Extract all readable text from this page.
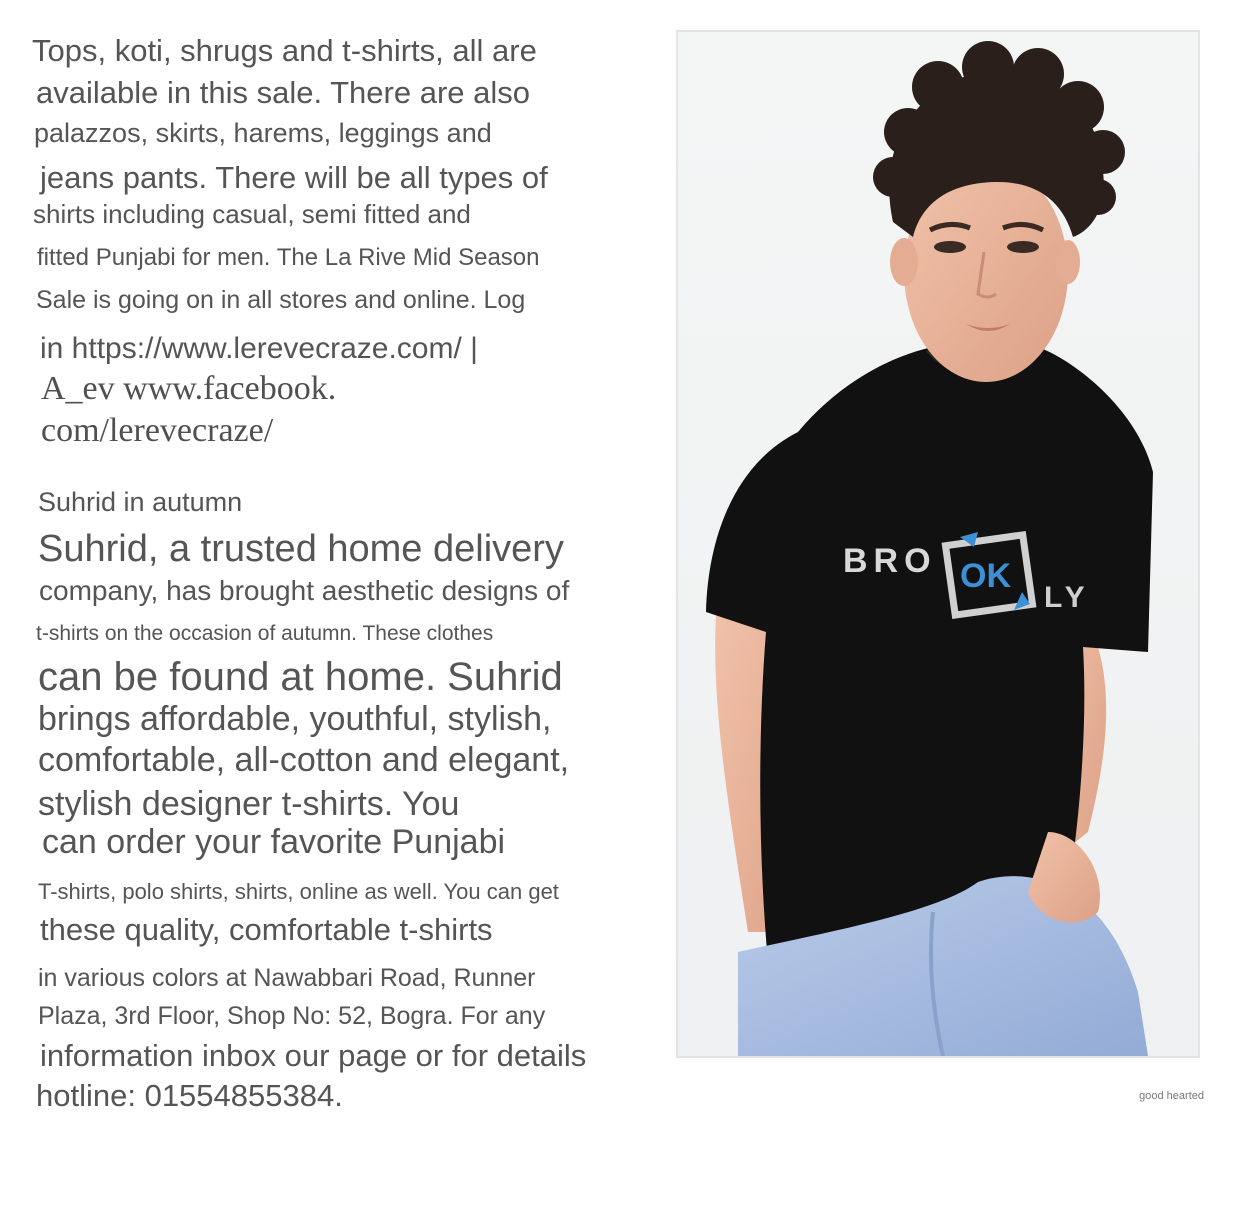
Tops, koti, shrugs and t-shirts, all are
available in this sale. There are also
palazzos, skirts, harems, leggings and
jeans pants. There will be all types of
shirts including casual, semi fitted and
fitted Punjabi for men. The La Rive Mid Season
Sale is going on in all stores and online. Log
in https://www.lerevecraze.com/ |
A_ev www.facebook.
com/lerevecraze/
Suhrid in autumn
Suhrid, a trusted home delivery
company, has brought aesthetic designs of
t-shirts on the occasion of autumn. These clothes
can be found at home. Suhrid
brings affordable, youthful, stylish,
comfortable, all-cotton and elegant,
stylish designer t-shirts. You
can order your favorite Punjabi
T-shirts, polo shirts, shirts, online as well. You can get
these quality, comfortable t-shirts
in various colors at Nawabbari Road, Runner
Plaza, 3rd Floor, Shop No: 52, Bogra. For any
information inbox our page or for details
hotline: 01554855384.
BRO OK
LY
good hearted
